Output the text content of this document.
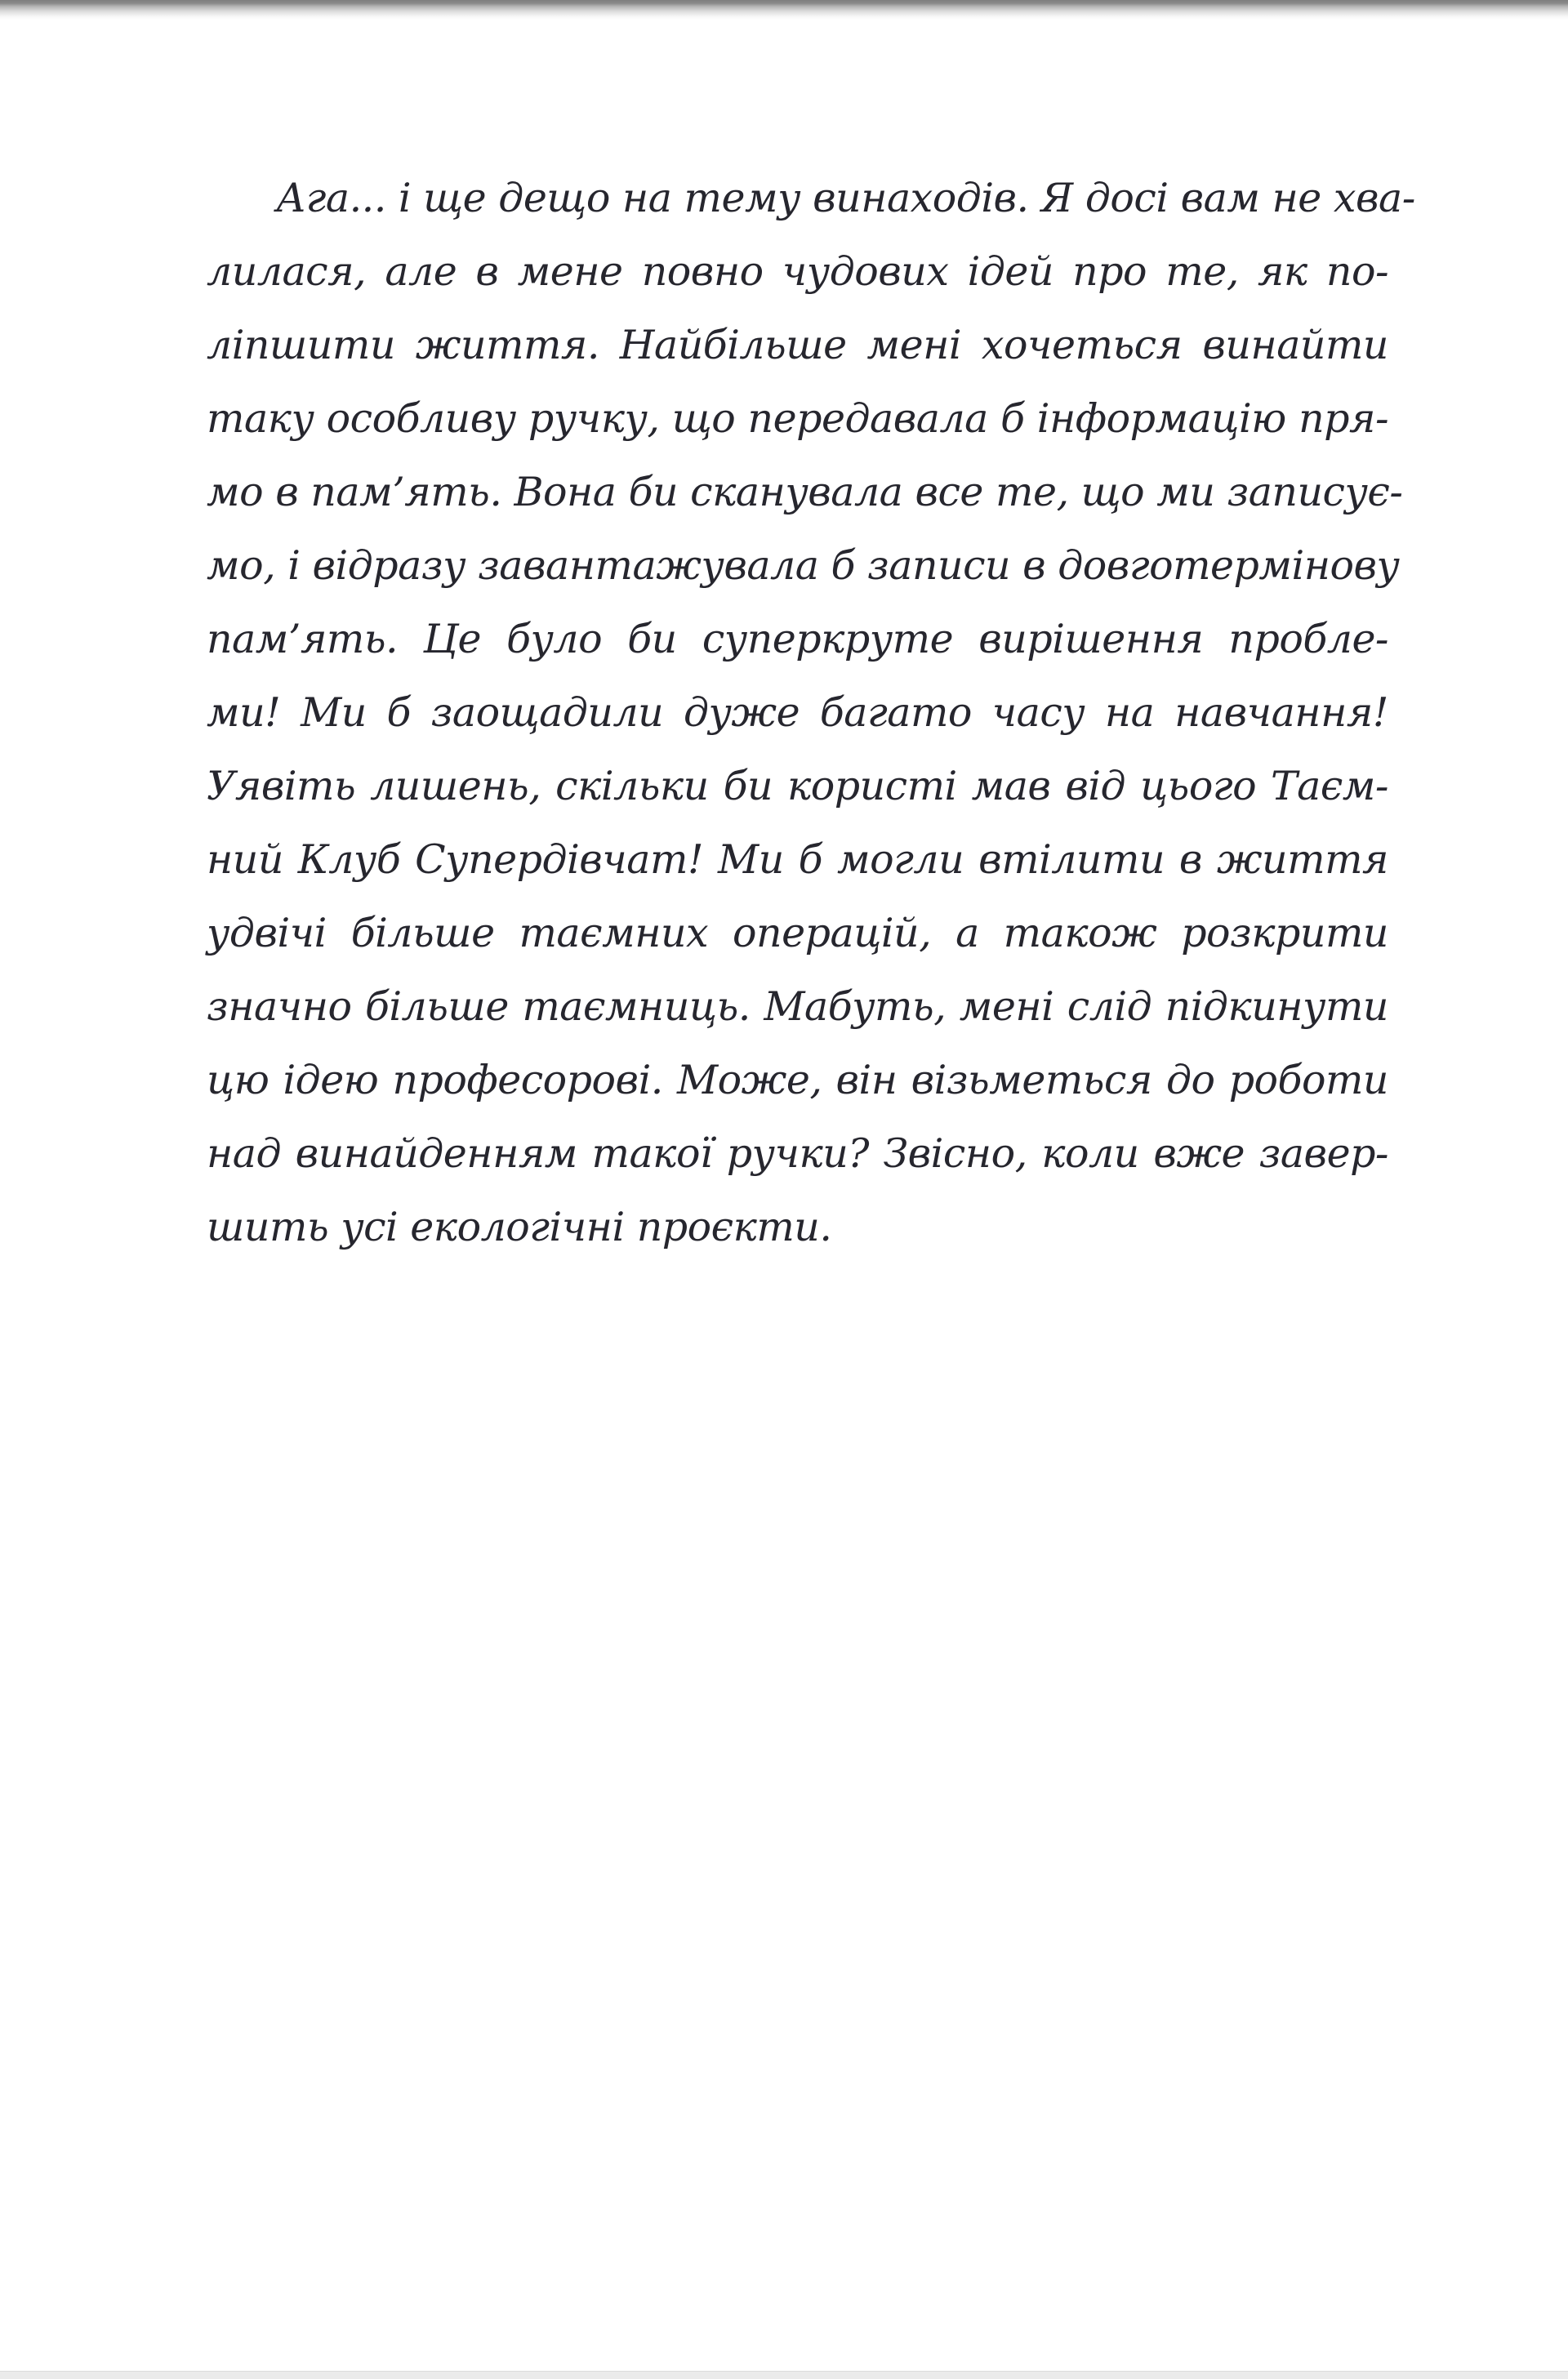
Ага... і ще дещо на тему винаходів. Я досі вам не хва-
лилася, але в мене повно чудових ідей про те, як по-
ліпшити життя. Найбільше мені хочеться винайти
таку особливу ручку, що передавала б інформацію пря-
мо в пам’ять. Вона би сканувала все те, що ми записує-
мо, і відразу завантажувала б записи в довготермінову
пам’ять. Це було би суперкруте вирішення пробле-
ми! Ми б заощадили дуже багато часу на навчання!
Уявіть лишень, скільки би користі мав від цього Таєм-
ний Клуб Супердівчат! Ми б могли втілити в життя
удвічі більше таємних операцій, а також розкрити
значно більше таємниць. Мабуть, мені слід підкинути
цю ідею професорові. Може, він візьметься до роботи
над винайденням такої ручки? Звісно, коли вже завер-
шить усі екологічні проєкти.
